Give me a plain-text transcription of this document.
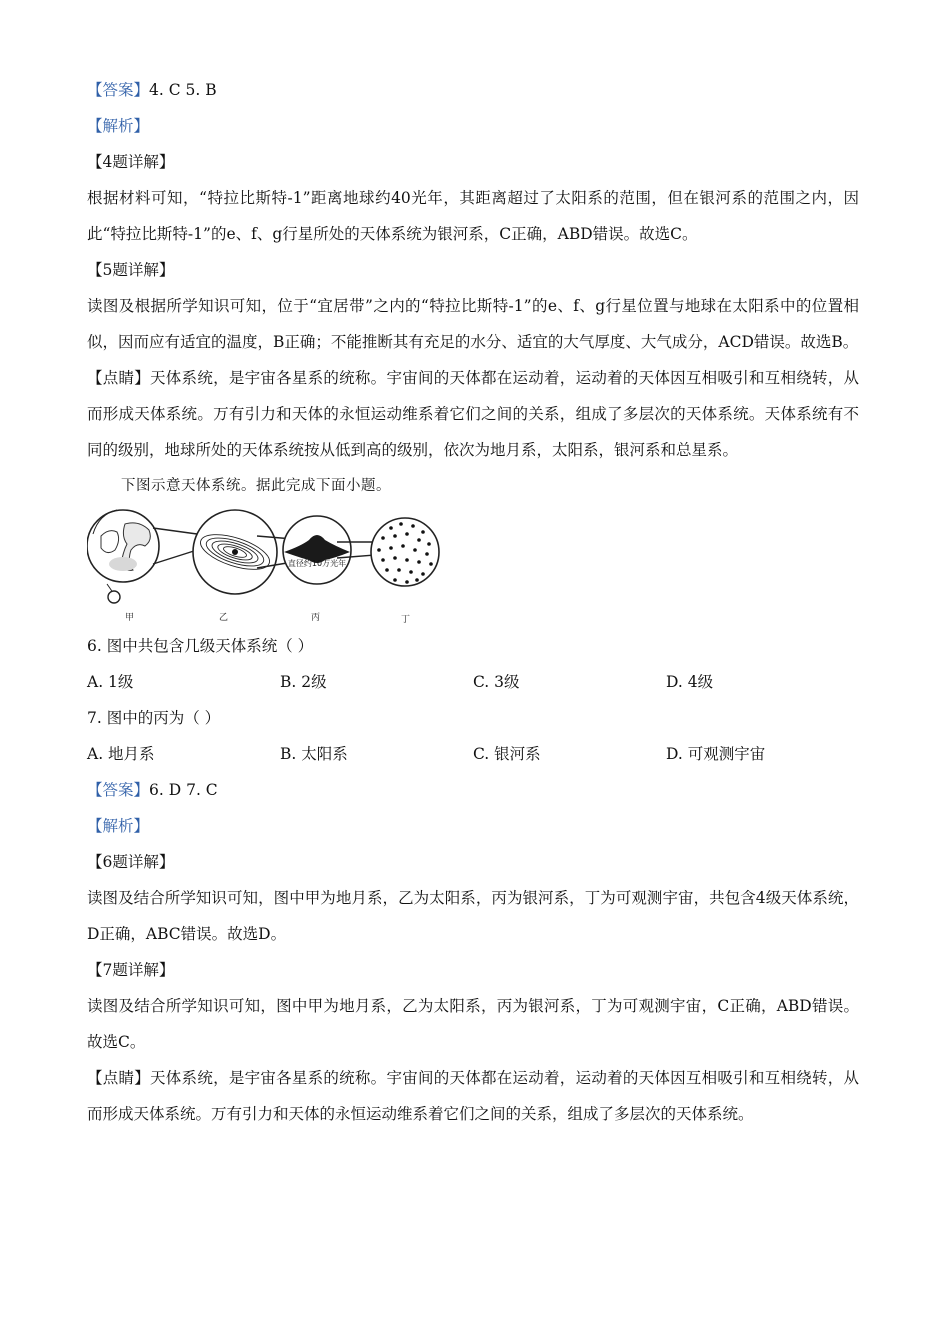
【答案】4. C 5. B
【解析】
【4题详解】
根据材料可知，“特拉比斯特-1”距离地球约40光年，其距离超过了太阳系的范围，但在银河系的范围之内，因此“特拉比斯特-1”的e、f、g行星所处的天体系统为银河系，C正确，ABD错误。故选C。
【5题详解】
读图及根据所学知识可知，位于“宜居带”之内的“特拉比斯特-1”的e、f、g行星位置与地球在太阳系中的位置相似，因而应有适宜的温度，B正确；不能推断其有充足的水分、适宜的大气厚度、大气成分，ACD错误。故选B。
【点睛】天体系统，是宇宙各星系的统称。宇宙间的天体都在运动着，运动着的天体因互相吸引和互相绕转，从而形成天体系统。万有引力和天体的永恒运动维系着它们之间的关系，组成了多层次的天体系统。天体系统有不同的级别，地球所处的天体系统按从低到高的级别，依次为地月系，太阳系，银河系和总星系。
下图示意天体系统。据此完成下面小题。
直径约10万光年
甲	乙	丙	丁
6. 图中共包含几级天体系统（ ）
A. 1级	B. 2级	C. 3级	D. 4级
7. 图中的丙为（ ）
A. 地月系	B. 太阳系	C. 银河系	D. 可观测宇宙
【答案】6. D 7. C
【解析】
【6题详解】
读图及结合所学知识可知，图中甲为地月系，乙为太阳系，丙为银河系，丁为可观测宇宙，共包含4级天体系统，D正确，ABC错误。故选D。
【7题详解】
读图及结合所学知识可知，图中甲为地月系，乙为太阳系，丙为银河系，丁为可观测宇宙，C正确，ABD错误。故选C。
【点睛】天体系统，是宇宙各星系的统称。宇宙间的天体都在运动着，运动着的天体因互相吸引和互相绕转，从而形成天体系统。万有引力和天体的永恒运动维系着它们之间的关系，组成了多层次的天体系统。
